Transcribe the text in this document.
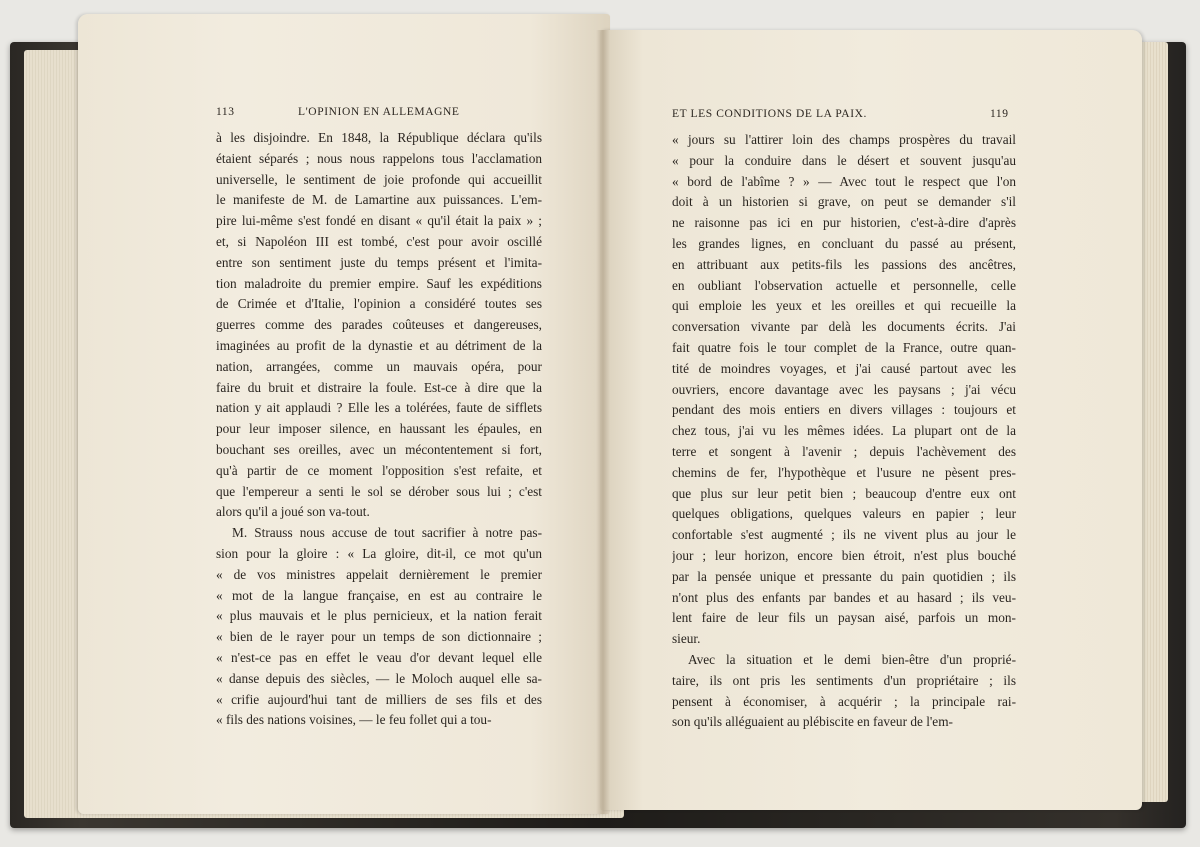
113	L'OPINION EN ALLEMAGNE	ET LES CONDITIONS DE LA PAIX.	119
à les disjoindre. En 1848, la République déclara qu'ils
étaient séparés ; nous nous rappelons tous l'acclamation
universelle, le sentiment de joie profonde qui accueillit
le manifeste de M. de Lamartine aux puissances. L'em-
pire lui-même s'est fondé en disant « qu'il était la paix » ;
et, si Napoléon III est tombé, c'est pour avoir oscillé
entre son sentiment juste du temps présent et l'imita-
tion maladroite du premier empire. Sauf les expéditions
de Crimée et d'Italie, l'opinion a considéré toutes ses
guerres comme des parades coûteuses et dangereuses,
imaginées au profit de la dynastie et au détriment de la
nation, arrangées, comme un mauvais opéra, pour
faire du bruit et distraire la foule. Est-ce à dire que la
nation y ait applaudi ? Elle les a tolérées, faute de sifflets
pour leur imposer silence, en haussant les épaules, en
bouchant ses oreilles, avec un mécontentement si fort,
qu'à partir de ce moment l'opposition s'est refaite, et
que l'empereur a senti le sol se dérober sous lui ; c'est
alors qu'il a joué son va-tout.
M. Strauss nous accuse de tout sacrifier à notre pas-
sion pour la gloire : « La gloire, dit-il, ce mot qu'un
« de vos ministres appelait dernièrement le premier
« mot de la langue française, en est au contraire le
« plus mauvais et le plus pernicieux, et la nation ferait
« bien de le rayer pour un temps de son dictionnaire ;
« n'est-ce pas en effet le veau d'or devant lequel elle
« danse depuis des siècles, — le Moloch auquel elle sa-
« crifie aujourd'hui tant de milliers de ses fils et des
« fils des nations voisines, — le feu follet qui a tou-
« jours su l'attirer loin des champs prospères du travail
« pour la conduire dans le désert et souvent jusqu'au
« bord de l'abîme ? » — Avec tout le respect que l'on
doit à un historien si grave, on peut se demander s'il
ne raisonne pas ici en pur historien, c'est-à-dire d'après
les grandes lignes, en concluant du passé au présent,
en attribuant aux petits-fils les passions des ancêtres,
en oubliant l'observation actuelle et personnelle, celle
qui emploie les yeux et les oreilles et qui recueille la
conversation vivante par delà les documents écrits. J'ai
fait quatre fois le tour complet de la France, outre quan-
tité de moindres voyages, et j'ai causé partout avec les
ouvriers, encore davantage avec les paysans ; j'ai vécu
pendant des mois entiers en divers villages : toujours et
chez tous, j'ai vu les mêmes idées. La plupart ont de la
terre et songent à l'avenir ; depuis l'achèvement des
chemins de fer, l'hypothèque et l'usure ne pèsent pres-
que plus sur leur petit bien ; beaucoup d'entre eux ont
quelques obligations, quelques valeurs en papier ; leur
confortable s'est augmenté ; ils ne vivent plus au jour le
jour ; leur horizon, encore bien étroit, n'est plus bouché
par la pensée unique et pressante du pain quotidien ; ils
n'ont plus des enfants par bandes et au hasard ; ils veu-
lent faire de leur fils un paysan aisé, parfois un mon-
sieur.
Avec la situation et le demi bien-être d'un proprié-
taire, ils ont pris les sentiments d'un propriétaire ; ils
pensent à économiser, à acquérir ; la principale rai-
son qu'ils alléguaient au plébiscite en faveur de l'em-
